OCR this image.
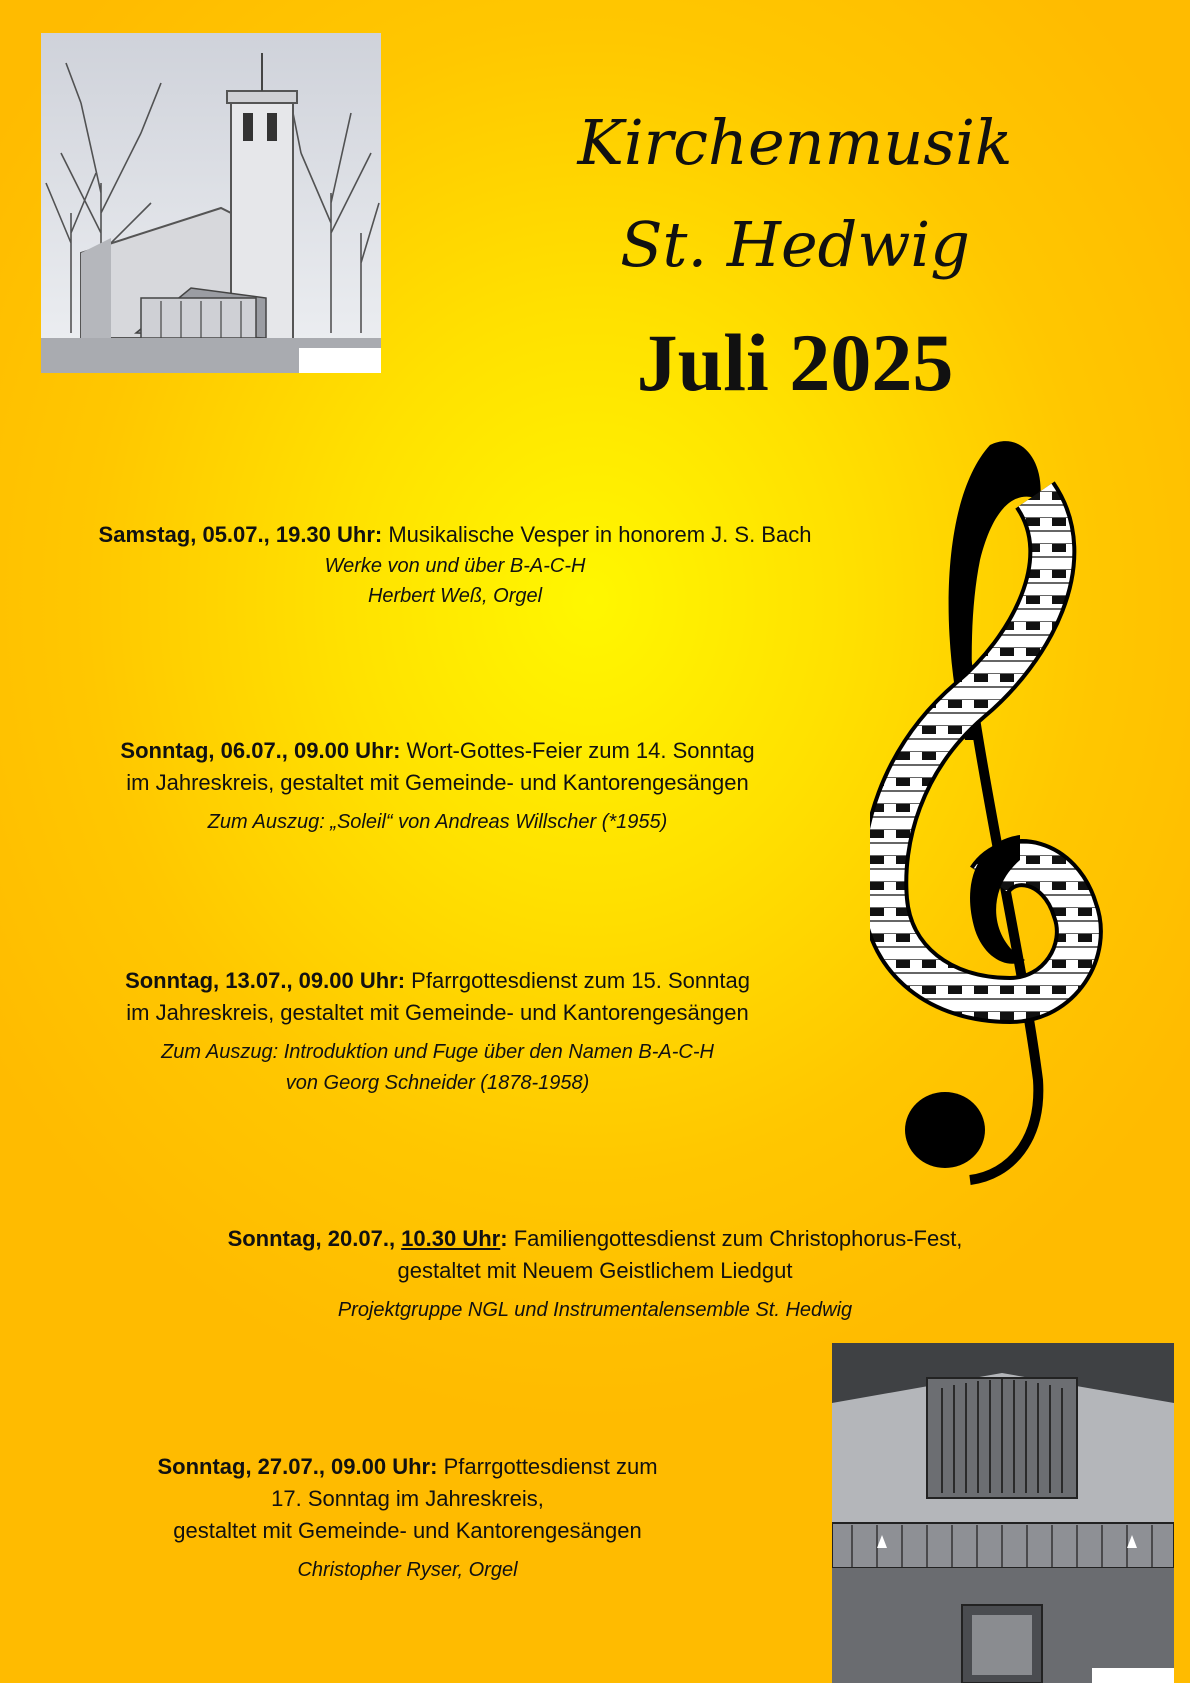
Kirchenmusik
St. Hedwig
Juli 2025
Samstag, 05.07., 19.30 Uhr: Musikalische Vesper in honorem J. S. Bach
Werke von und über B-A-C-H
Herbert Weß, Orgel
Sonntag, 06.07., 09.00 Uhr: Wort-Gottes-Feier zum 14. Sonntag
im Jahreskreis, gestaltet mit Gemeinde- und Kantorengesängen
Zum Auszug: „Soleil“ von Andreas Willscher (*1955)
Sonntag, 13.07., 09.00 Uhr: Pfarrgottesdienst zum 15. Sonntag
im Jahreskreis, gestaltet mit Gemeinde- und Kantorengesängen
Zum Auszug: Introduktion und Fuge über den Namen B-A-C-H
von Georg Schneider (1878-1958)
Sonntag, 20.07., 10.30 Uhr: Familiengottesdienst zum Christophorus-Fest,
gestaltet mit Neuem Geistlichem Liedgut
Projektgruppe NGL und Instrumentalensemble St. Hedwig
Sonntag, 27.07., 09.00 Uhr: Pfarrgottesdienst zum
17. Sonntag im Jahreskreis,
gestaltet mit Gemeinde- und Kantorengesängen
Christopher Ryser, Orgel
